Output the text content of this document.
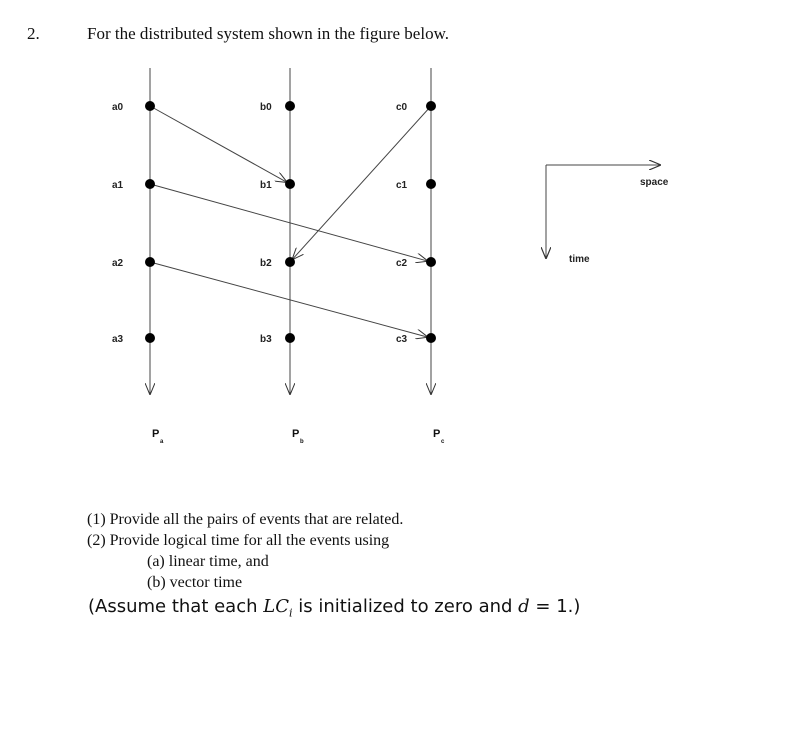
2.	For the distributed system shown in the figure below.
a0
a1
a2
a3
b0
b1
b2
b3
c0
c1
c2
c3
P
a
P
b
P
c
space
time
(1) Provide all the pairs of events that are related.
(2) Provide logical time for all the events using
(a) linear time, and
(b) vector time
(Assume that each $LC_i$ is initialized to zero and d = 1.)
